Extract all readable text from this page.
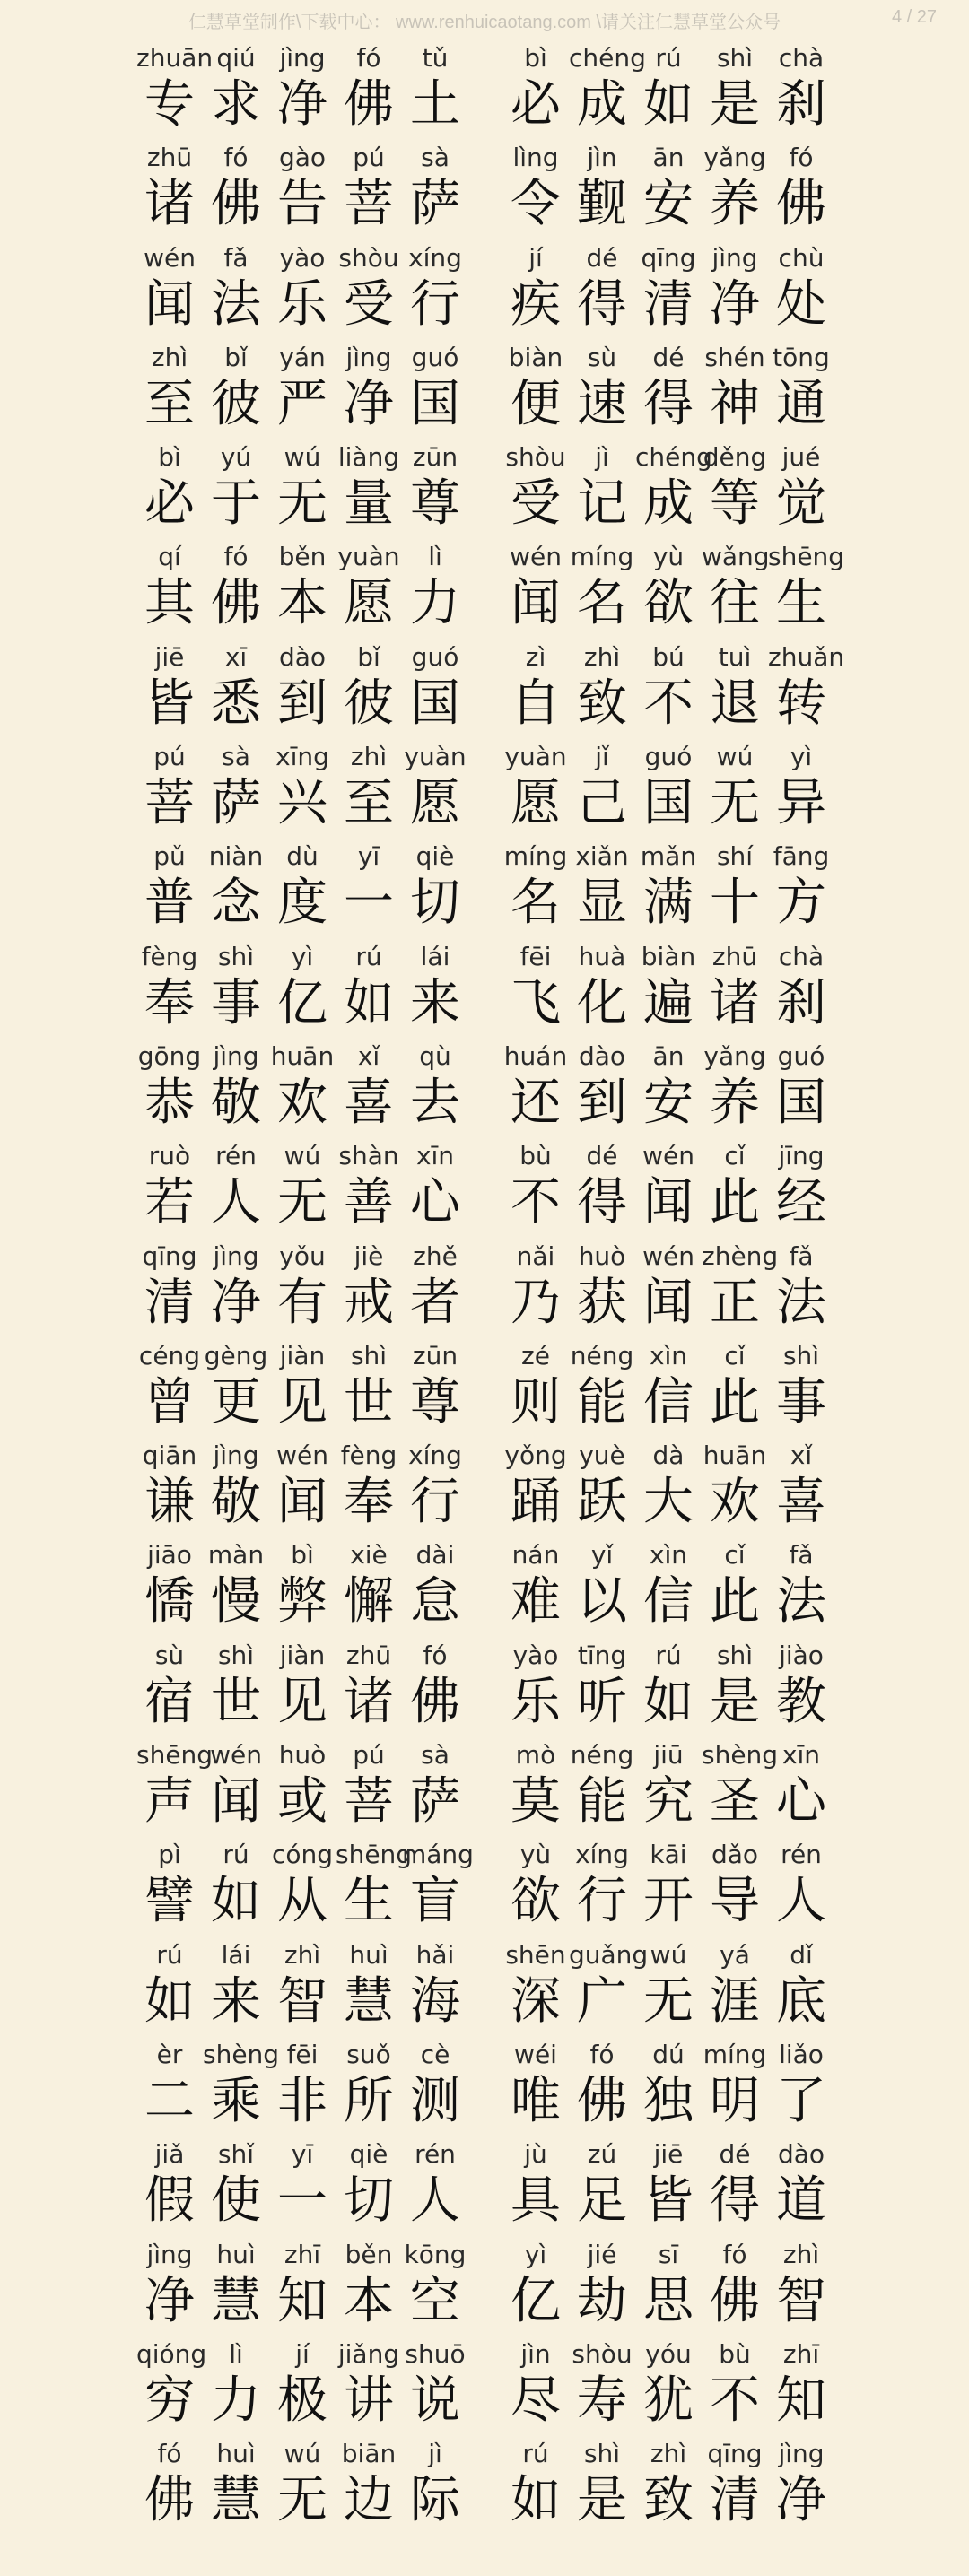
仁慧草堂制作\下载中心： www.renhuicaotang.com \请关注仁慧草堂公众号	4 / 27
zhuān
专
qiú
求
jìng
净
fó
佛
tǔ
土
bì
必
chéng
成
rú
如
shì
是
chà
刹
zhū
诸
fó
佛
gào
告
pú
菩
sà
萨
lìng
令
jìn
觐
ān
安
yǎng
养
fó
佛
wén
闻
fǎ
法
yào
乐
shòu
受
xíng
行
jí
疾
dé
得
qīng
清
jìng
净
chù
处
zhì
至
bǐ
彼
yán
严
jìng
净
guó
国
biàn
便
sù
速
dé
得
shén
神
tōng
通
bì
必
yú
于
wú
无
liàng
量
zūn
尊
shòu
受
jì
记
chéng
成
děng
等
jué
觉
qí
其
fó
佛
běn
本
yuàn
愿
lì
力
wén
闻
míng
名
yù
欲
wǎng
往
shēng
生
jiē
皆
xī
悉
dào
到
bǐ
彼
guó
国
zì
自
zhì
致
bú
不
tuì
退
zhuǎn
转
pú
菩
sà
萨
xīng
兴
zhì
至
yuàn
愿
yuàn
愿
jǐ
己
guó
国
wú
无
yì
异
pǔ
普
niàn
念
dù
度
yī
一
qiè
切
míng
名
xiǎn
显
mǎn
满
shí
十
fāng
方
fèng
奉
shì
事
yì
亿
rú
如
lái
来
fēi
飞
huà
化
biàn
遍
zhū
诸
chà
刹
gōng
恭
jìng
敬
huān
欢
xǐ
喜
qù
去
huán
还
dào
到
ān
安
yǎng
养
guó
国
ruò
若
rén
人
wú
无
shàn
善
xīn
心
bù
不
dé
得
wén
闻
cǐ
此
jīng
经
qīng
清
jìng
净
yǒu
有
jiè
戒
zhě
者
nǎi
乃
huò
获
wén
闻
zhèng
正
fǎ
法
céng
曾
gèng
更
jiàn
见
shì
世
zūn
尊
zé
则
néng
能
xìn
信
cǐ
此
shì
事
qiān
谦
jìng
敬
wén
闻
fèng
奉
xíng
行
yǒng
踊
yuè
跃
dà
大
huān
欢
xǐ
喜
jiāo
憍
màn
慢
bì
弊
xiè
懈
dài
怠
nán
难
yǐ
以
xìn
信
cǐ
此
fǎ
法
sù
宿
shì
世
jiàn
见
zhū
诸
fó
佛
yào
乐
tīng
听
rú
如
shì
是
jiào
教
shēng
声
wén
闻
huò
或
pú
菩
sà
萨
mò
莫
néng
能
jiū
究
shèng
圣
xīn
心
pì
譬
rú
如
cóng
从
shēng
生
máng
盲
yù
欲
xíng
行
kāi
开
dǎo
导
rén
人
rú
如
lái
来
zhì
智
huì
慧
hǎi
海
shēn
深
guǎng
广
wú
无
yá
涯
dǐ
底
èr
二
shèng
乘
fēi
非
suǒ
所
cè
测
wéi
唯
fó
佛
dú
独
míng
明
liǎo
了
jiǎ
假
shǐ
使
yī
一
qiè
切
rén
人
jù
具
zú
足
jiē
皆
dé
得
dào
道
jìng
净
huì
慧
zhī
知
běn
本
kōng
空
yì
亿
jié
劫
sī
思
fó
佛
zhì
智
qióng
穷
lì
力
jí
极
jiǎng
讲
shuō
说
jìn
尽
shòu
寿
yóu
犹
bù
不
zhī
知
fó
佛
huì
慧
wú
无
biān
边
jì
际
rú
如
shì
是
zhì
致
qīng
清
jìng
净
